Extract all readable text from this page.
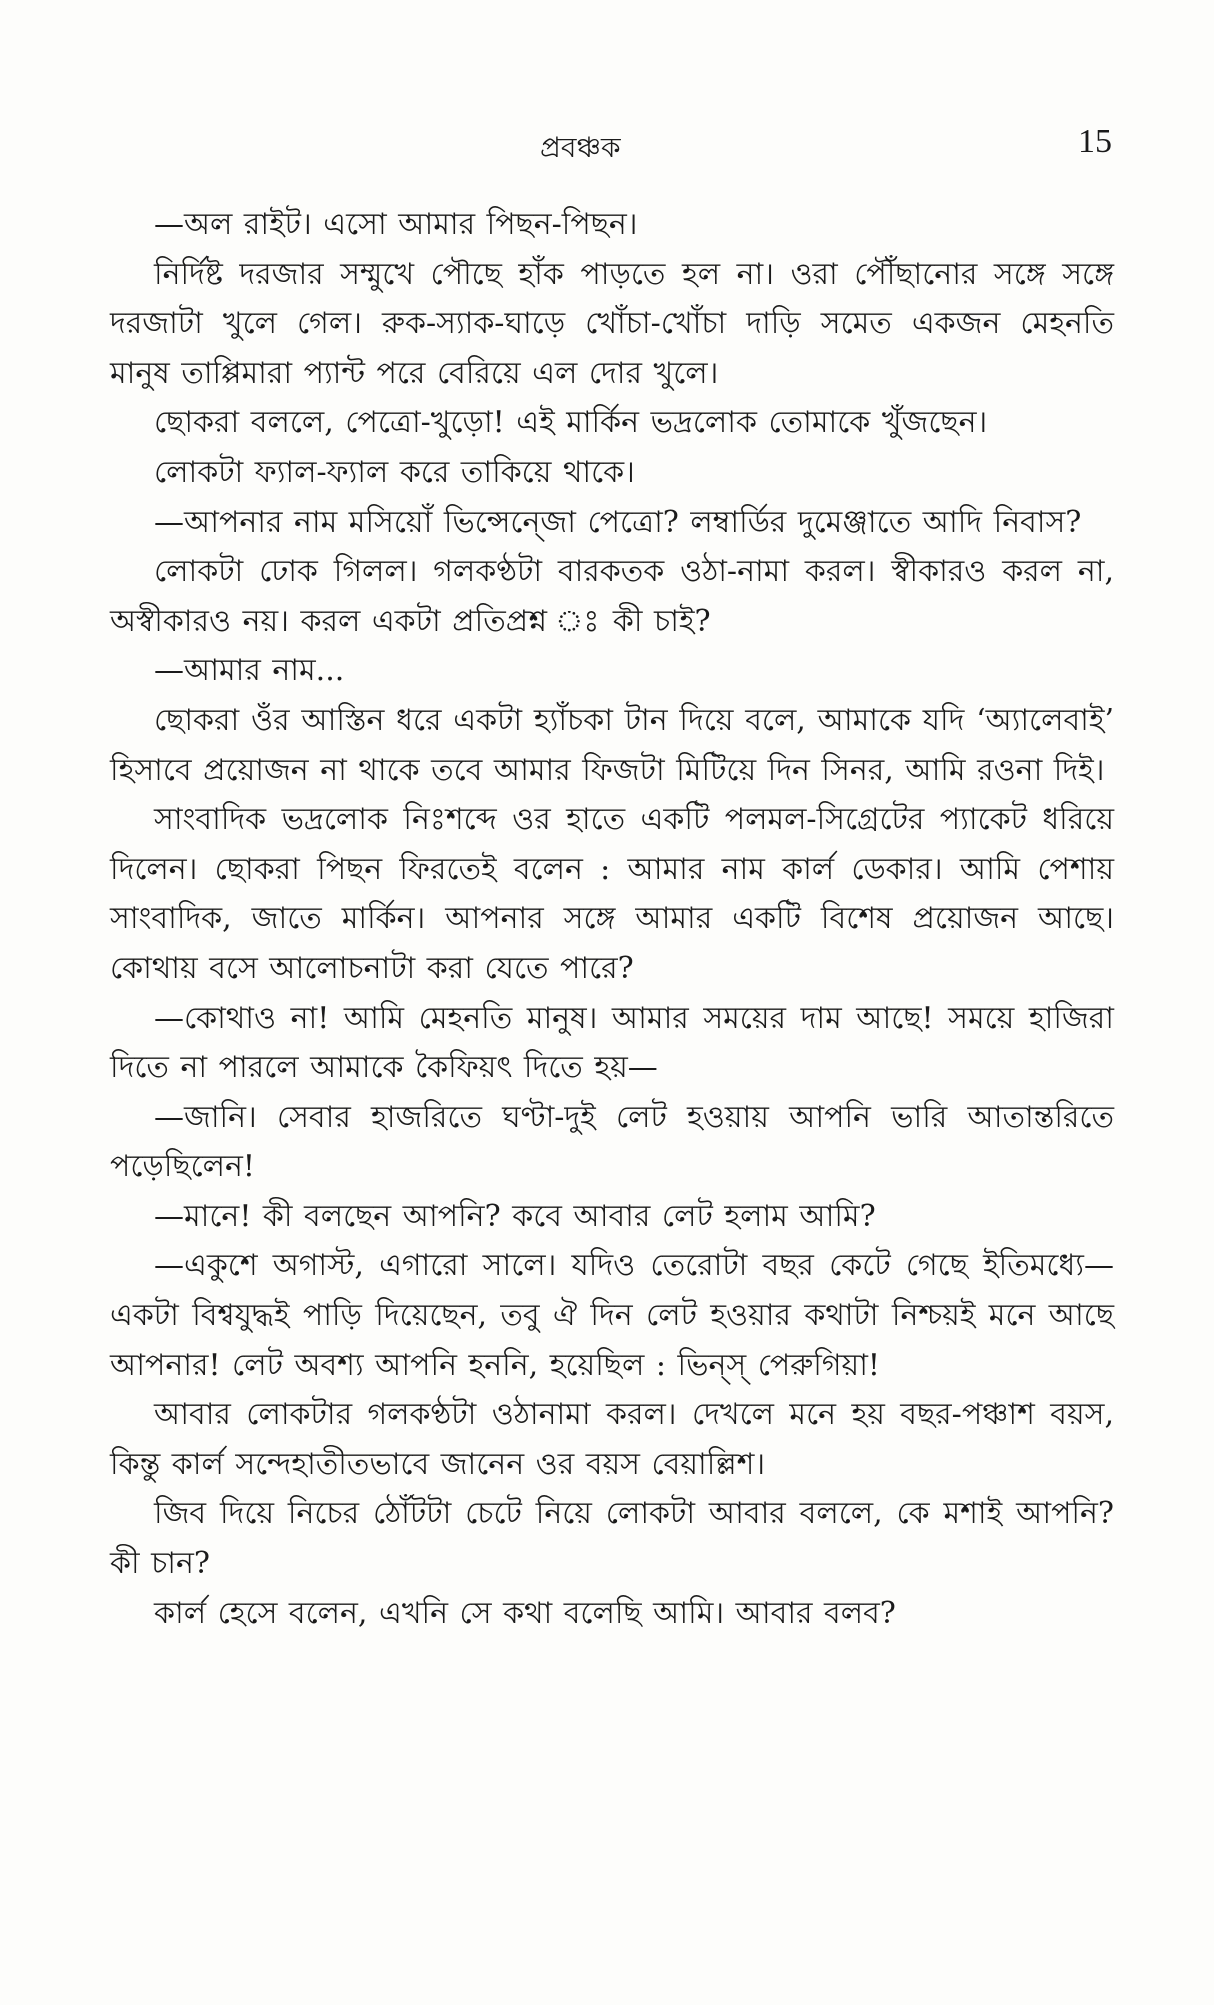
প্রবঞ্চক	15

—অল রাইট। এসো আমার পিছন-পিছন।

নির্দিষ্ট দরজার সম্মুখে পৌছে হাঁক পাড়তে হল না। ওরা পৌঁছানোর সঙ্গে সঙ্গে দরজাটা খুলে গেল। রুক-স্যাক-ঘাড়ে খোঁচা-খোঁচা দাড়ি সমেত একজন মেহনতি মানুষ তাপ্পিমারা প্যান্ট পরে বেরিয়ে এল দোর খুলে।

ছোকরা বললে, পেত্রো-খুড়ো! এই মার্কিন ভদ্রলোক তোমাকে খুঁজছেন।

লোকটা ফ্যাল-ফ্যাল করে তাকিয়ে থাকে।

—আপনার নাম মসিয়োঁ ভিন্সেন্জো পেত্রো? লম্বার্ডির দুমেঞ্জাতে আদি নিবাস?

লোকটা ঢোক গিলল। গলকণ্ঠটা বারকতক ওঠা-নামা করল। স্বীকারও করল না, অস্বীকারও নয়। করল একটা প্রতিপ্রশ্ন ঃ কী চাই?

—আমার নাম...

ছোকরা ওঁর আস্তিন ধরে একটা হ্যাঁচকা টান দিয়ে বলে, আমাকে যদি ‘অ্যালেবাই’ হিসাবে প্রয়োজন না থাকে তবে আমার ফিজটা মিটিয়ে দিন সিনর, আমি রওনা দিই।

সাংবাদিক ভদ্রলোক নিঃশব্দে ওর হাতে একটি পলমল-সিগ্রেটের প্যাকেট ধরিয়ে দিলেন। ছোকরা পিছন ফিরতেই বলেন : আমার নাম কার্ল ডেকার। আমি পেশায় সাংবাদিক, জাতে মার্কিন। আপনার সঙ্গে আমার একটি বিশেষ প্রয়োজন আছে। কোথায় বসে আলোচনাটা করা যেতে পারে?

—কোথাও না! আমি মেহনতি মানুষ। আমার সময়ের দাম আছে! সময়ে হাজিরা দিতে না পারলে আমাকে কৈফিয়ৎ দিতে হয়—

—জানি। সেবার হাজরিতে ঘণ্টা-দুই লেট হওয়ায় আপনি ভারি আতান্তরিতে পড়েছিলেন!

—মানে! কী বলছেন আপনি? কবে আবার লেট হলাম আমি?

—একুশে অগাস্ট, এগারো সালে। যদিও তেরোটা বছর কেটে গেছে ইতিমধ্যে—একটা বিশ্বযুদ্ধই পাড়ি দিয়েছেন, তবু ঐ দিন লেট হওয়ার কথাটা নিশ্চয়ই মনে আছে আপনার! লেট অবশ্য আপনি হননি, হয়েছিল : ভিন্স্ পেরুগিয়া!

আবার লোকটার গলকণ্ঠটা ওঠানামা করল। দেখলে মনে হয় বছর-পঞ্চাশ বয়স, কিন্তু কার্ল সন্দেহাতীতভাবে জানেন ওর বয়স বেয়াল্লিশ।

জিব দিয়ে নিচের ঠোঁটটা চেটে নিয়ে লোকটা আবার বললে, কে মশাই আপনি? কী চান?

কার্ল হেসে বলেন, এখনি সে কথা বলেছি আমি। আবার বলব?
